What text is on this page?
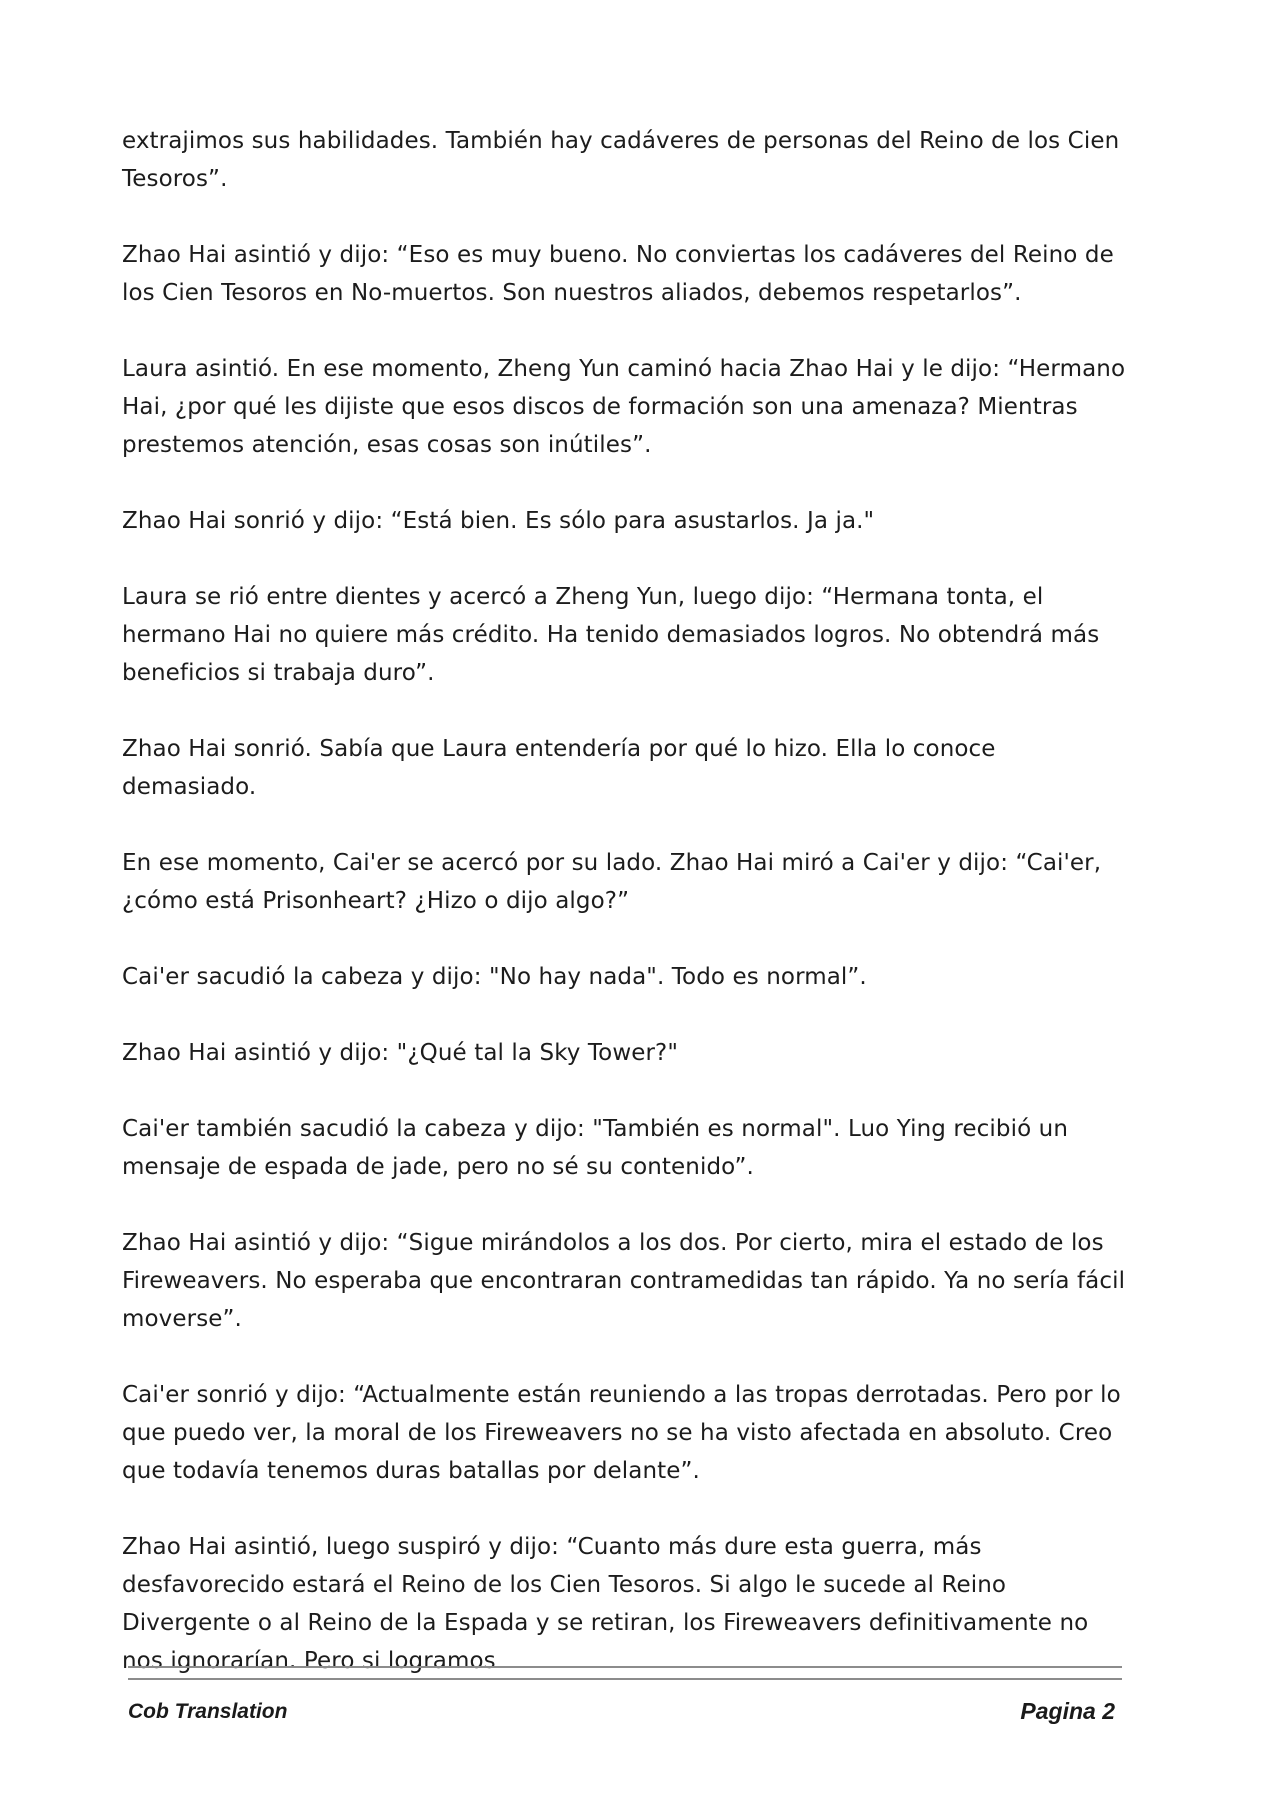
extrajimos sus habilidades. También hay cadáveres de personas del Reino de los Cien Tesoros”.

Zhao Hai asintió y dijo: “Eso es muy bueno. No conviertas los cadáveres del Reino de los Cien Tesoros en No-muertos. Son nuestros aliados, debemos respetarlos”.

Laura asintió. En ese momento, Zheng Yun caminó hacia Zhao Hai y le dijo: “Hermano Hai, ¿por qué les dijiste que esos discos de formación son una amenaza? Mientras prestemos atención, esas cosas son inútiles”.

Zhao Hai sonrió y dijo: “Está bien. Es sólo para asustarlos. Ja ja."

Laura se rió entre dientes y acercó a Zheng Yun, luego dijo: “Hermana tonta, el hermano Hai no quiere más crédito. Ha tenido demasiados logros. No obtendrá más beneficios si trabaja duro”.

Zhao Hai sonrió. Sabía que Laura entendería por qué lo hizo. Ella lo conoce demasiado.

En ese momento, Cai'er se acercó por su lado. Zhao Hai miró a Cai'er y dijo: “Cai'er, ¿cómo está Prisonheart? ¿Hizo o dijo algo?”

Cai'er sacudió la cabeza y dijo: "No hay nada". Todo es normal”.

Zhao Hai asintió y dijo: "¿Qué tal la Sky Tower?"

Cai'er también sacudió la cabeza y dijo: "También es normal". Luo Ying recibió un mensaje de espada de jade, pero no sé su contenido”.

Zhao Hai asintió y dijo: “Sigue mirándolos a los dos. Por cierto, mira el estado de los Fireweavers. No esperaba que encontraran contramedidas tan rápido. Ya no sería fácil moverse”.

Cai'er sonrió y dijo: “Actualmente están reuniendo a las tropas derrotadas. Pero por lo que puedo ver, la moral de los Fireweavers no se ha visto afectada en absoluto. Creo que todavía tenemos duras batallas por delante”.

Zhao Hai asintió, luego suspiró y dijo: “Cuanto más dure esta guerra, más desfavorecido estará el Reino de los Cien Tesoros. Si algo le sucede al Reino Divergente o al Reino de la Espada y se retiran, los Fireweavers definitivamente no nos ignorarían. Pero si logramos

Cob Translation	Pagina 2
